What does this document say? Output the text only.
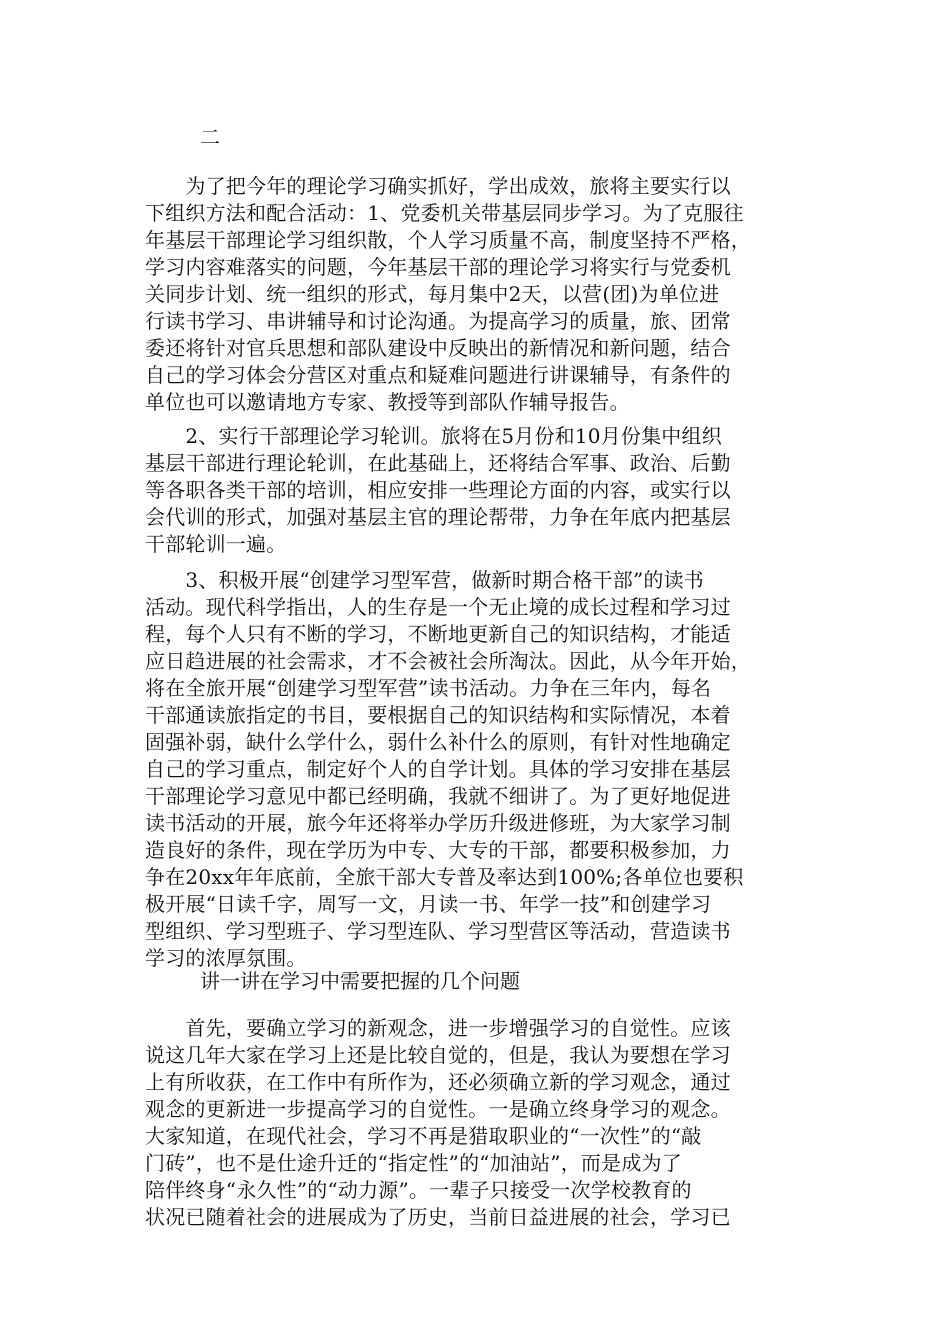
二

　　为了把今年的理论学习确实抓好，学出成效，旅将主要实行以
下组织方法和配合活动：1、党委机关带基层同步学习。为了克服往
年基层干部理论学习组织散，个人学习质量不高，制度坚持不严格，
学习内容难落实的问题，今年基层干部的理论学习将实行与党委机
关同步计划、统一组织的形式，每月集中2天，以营(团)为单位进
行读书学习、串讲辅导和讨论沟通。为提高学习的质量，旅、团常
委还将针对官兵思想和部队建设中反映出的新情况和新问题，结合
自己的学习体会分营区对重点和疑难问题进行讲课辅导，有条件的
单位也可以邀请地方专家、教授等到部队作辅导报告。
　　2、实行干部理论学习轮训。旅将在5月份和10月份集中组织
基层干部进行理论轮训，在此基础上，还将结合军事、政治、后勤
等各职各类干部的培训，相应安排一些理论方面的内容，或实行以
会代训的形式，加强对基层主官的理论帮带，力争在年底内把基层
干部轮训一遍。
　　3、积极开展“创建学习型军营，做新时期合格干部”的读书
活动。现代科学指出，人的生存是一个无止境的成长过程和学习过
程，每个人只有不断的学习，不断地更新自己的知识结构，才能适
应日趋进展的社会需求，才不会被社会所淘汰。因此，从今年开始，
将在全旅开展“创建学习型军营”读书活动。力争在三年内，每名
干部通读旅指定的书目，要根据自己的知识结构和实际情况，本着
固强补弱，缺什么学什么，弱什么补什么的原则，有针对性地确定
自己的学习重点，制定好个人的自学计划。具体的学习安排在基层
干部理论学习意见中都已经明确，我就不细讲了。为了更好地促进
读书活动的开展，旅今年还将举办学历升级进修班，为大家学习制
造良好的条件，现在学历为中专、大专的干部，都要积极参加，力
争在20xx年年底前，全旅干部大专普及率达到100%;各单位也要积
极开展“日读千字，周写一文，月读一书、年学一技”和创建学习
型组织、学习型班子、学习型连队、学习型营区等活动，营造读书
学习的浓厚氛围。

讲一讲在学习中需要把握的几个问题

　　首先，要确立学习的新观念，进一步增强学习的自觉性。应该
说这几年大家在学习上还是比较自觉的，但是，我认为要想在学习
上有所收获，在工作中有所作为，还必须确立新的学习观念，通过
观念的更新进一步提高学习的自觉性。一是确立终身学习的观念。
大家知道，在现代社会，学习不再是猎取职业的“一次性”的“敲
门砖”，也不是仕途升迁的“指定性”的“加油站”，而是成为了
陪伴终身“永久性”的“动力源”。一辈子只接受一次学校教育的
状况已随着社会的进展成为了历史，当前日益进展的社会，学习已
